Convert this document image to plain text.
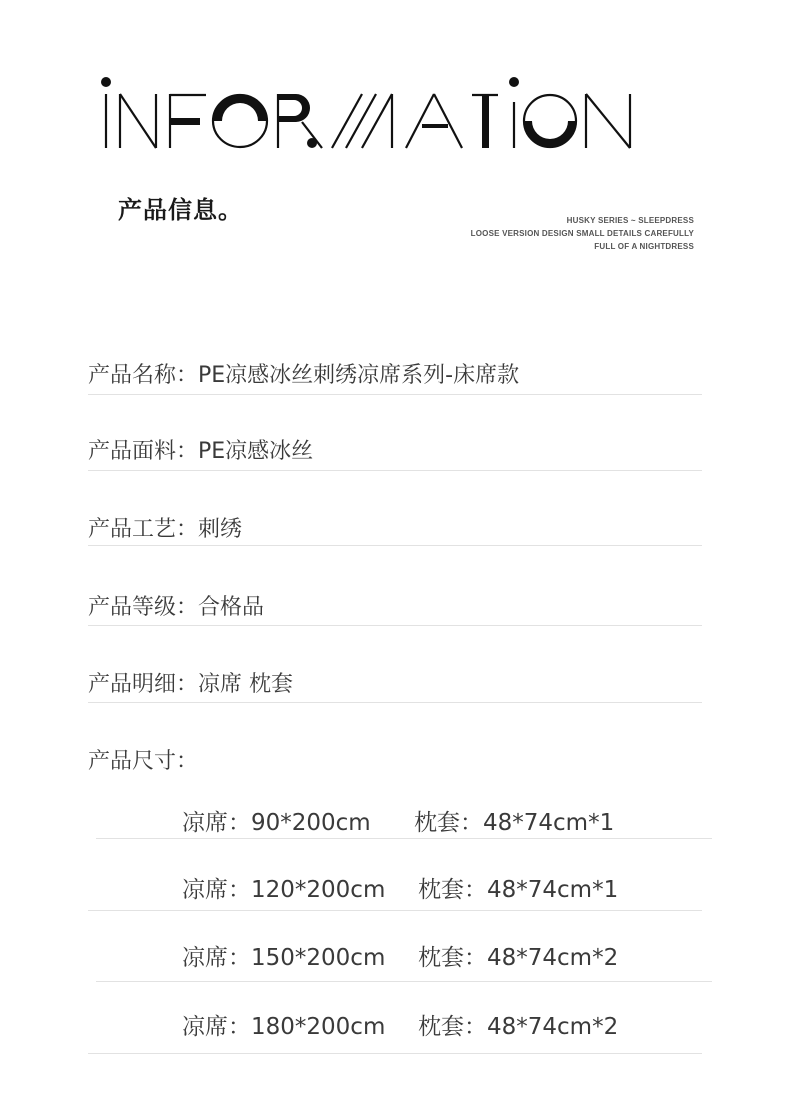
产品信息。	HUSKY SERIES ~ SLEEPDRESS
LOOSE VERSION DESIGN SMALL DETAILS CAREFULLY
FULL OF A NIGHTDRESS
产品名称：PE凉感冰丝刺绣凉席系列-床席款
产品面料：PE凉感冰丝
产品工艺：刺绣
产品等级：合格品
产品明细：凉席 枕套
产品尺寸：
凉席：90*200cm 枕套：48*74cm*1
凉席：120*200cm 枕套：48*74cm*1
凉席：150*200cm 枕套：48*74cm*2
凉席：180*200cm 枕套：48*74cm*2
